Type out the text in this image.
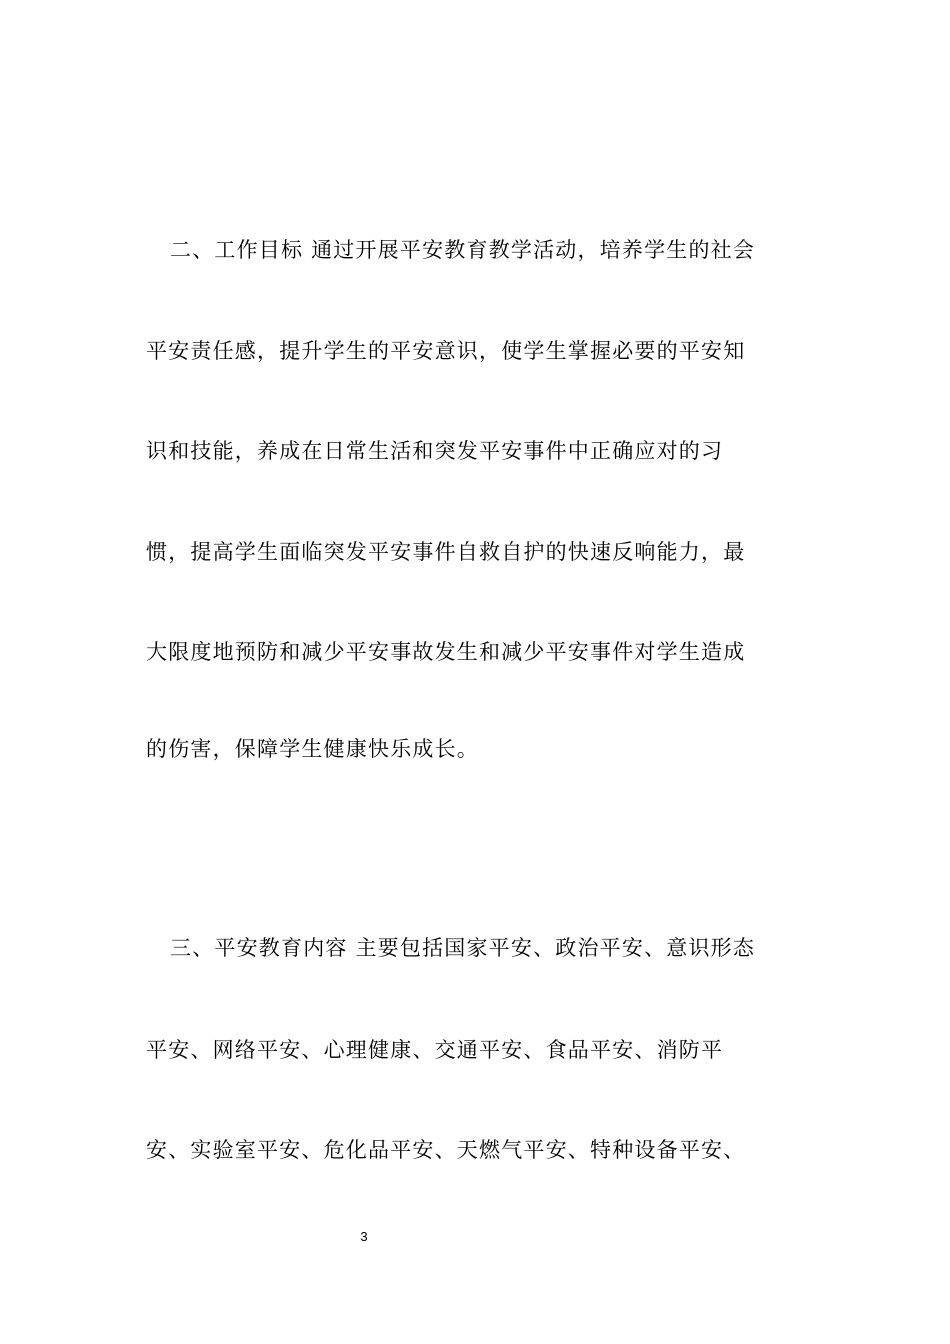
二、工作目标 通过开展平安教育教学活动，培养学生的社会
平安责任感，提升学生的平安意识，使学生掌握必要的平安知
识和技能，养成在日常生活和突发平安事件中正确应对的习
惯，提高学生面临突发平安事件自救自护的快速反响能力，最
大限度地预防和减少平安事故发生和减少平安事件对学生造成
的伤害，保障学生健康快乐成长。
三、平安教育内容 主要包括国家平安、政治平安、意识形态
平安、网络平安、心理健康、交通平安、食品平安、消防平
安、实验室平安、危化品平安、天燃气平安、特种设备平安、
3
